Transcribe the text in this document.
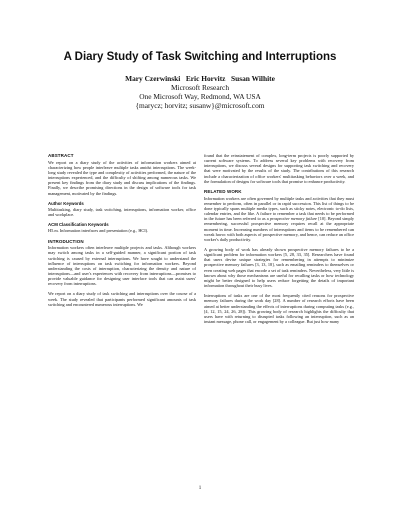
A Diary Study of Task Switching and Interruptions
Mary Czerwinski   Eric Horvitz   Susan Wilhite
Microsoft Research
One Microsoft Way, Redmond, WA USA
{marycz; horvitz; susanw}@microsoft.com
ABSTRACT

We report on a diary study of the activities of information workers aimed at characterizing how people interleave multiple tasks amidst interruptions. The week-long study revealed the type and complexity of activities performed, the nature of the interruptions experienced, and the difficulty of shifting among numerous tasks. We present key findings from the diary study and discuss implications of the findings. Finally, we describe promising directions in the design of software tools for task management, motivated by the findings.

Author Keywords

Multitasking, diary study, task switching, interruptions, information worker, office and workplace.

ACM Classification Keywords

H5.m. Information interfaces and presentation (e.g., HCI).

INTRODUCTION

Information workers often interleave multiple projects and tasks. Although workers may switch among tasks in a self-guided manner, a significant portion of task switching is caused by external interruptions. We have sought to understand the influence of interruptions on task switching for information workers. Beyond understanding the costs of interruption, characterizing the density and nature of interruptions—and user's experiences with recovery from interruptions—promises to provide valuable guidance for designing user interface tools that can assist users' recovery from interruptions.

We report on a diary study of task switching and interruptions over the course of a week. The study revealed that participants performed significant amounts of task switching and encountered numerous interruptions. We

found that the reinstatement of complex, long-term projects is poorly supported by current software systems. To address several key problems with recovery from interruptions, we discuss several designs for supporting task switching and recovery that were motivated by the results of the study. The contributions of this research include a characterization of office workers' multitasking behaviors over a week, and the formulation of designs for software tools that promise to enhance productivity.

RELATED WORK

Information workers are often governed by multiple tasks and activities that they must remember to perform, often in parallel or in rapid succession. This list of things to be done typically spans multiple media types, such as sticky notes, electronic to-do lists, calendar entries, and the like. A failure to remember a task that needs to be performed in the future has been referred to as a prospective memory failure [10]. Beyond simply remembering, successful prospective memory requires recall at the appropriate moment in time. Increasing numbers of interruptions and items to be remembered can wreak havoc with both aspects of prospective memory, and hence, can reduce an office worker's daily productivity.

A growing body of work has already shown prospective memory failures to be a significant problem for information workers [5, 28, 33, 35]. Researchers have found that users devise unique strategies for remembering in attempts to minimize prospective memory failures [3, 13, 18], such as emailing reminders to themselves or even creating web pages that encode a set of task reminders. Nevertheless, very little is known about why those mechanisms are useful for recalling tasks or how technology might be better designed to help users reduce forgetting the details of important information throughout their busy lives.

Interruptions of tasks are one of the most frequently cited reasons for prospective memory failures during the work day [28]. A number of research efforts have been aimed at better understanding the effects of interruptions during computing tasks (e.g., [4, 12, 15, 24, 26, 28]). This growing body of research highlights the difficulty that users have with returning to disrupted tasks following an interruption, such as an instant message, phone call, or engagement by a colleague. But just how many

1
